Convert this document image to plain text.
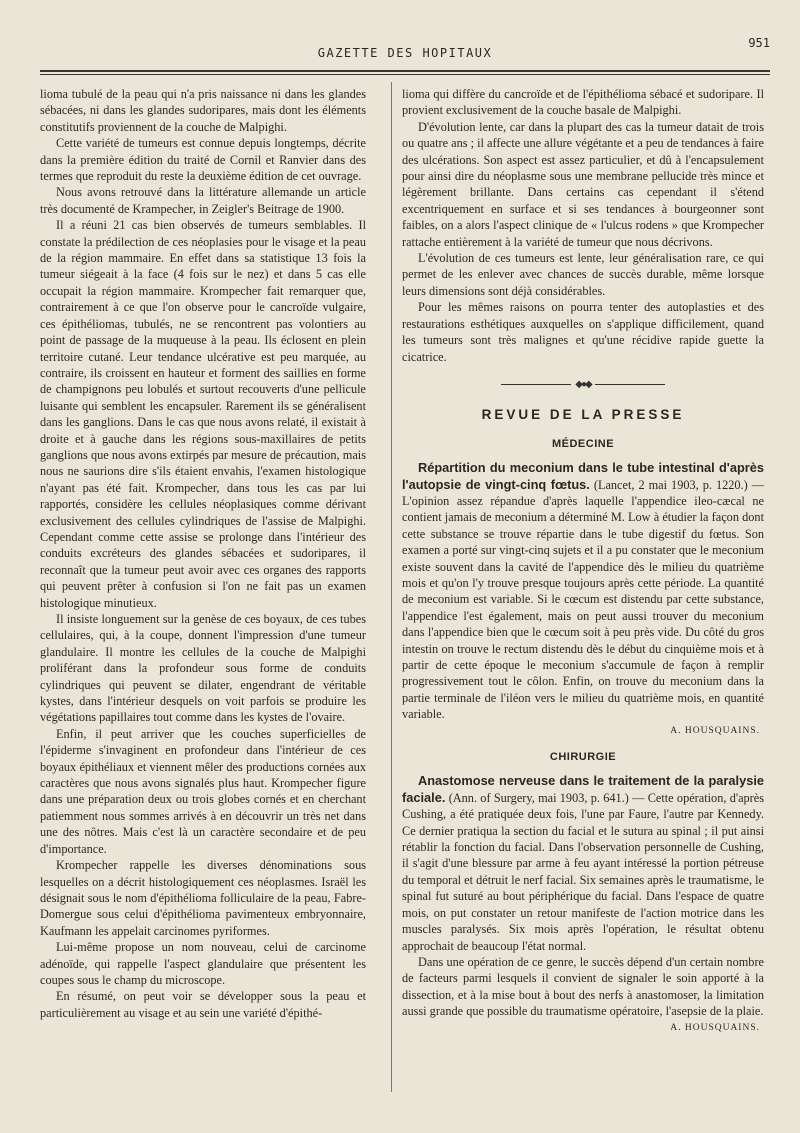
GAZETTE DES HOPITAUX
951

lioma tubulé de la peau qui n'a pris naissance ni dans les glandes sébacées, ni dans les glandes sudoripares, mais dont les éléments constitutifs proviennent de la couche de Malpighi.

Cette variété de tumeurs est connue depuis longtemps, décrite dans la première édition du traité de Cornil et Ranvier dans des termes que reproduit du reste la deuxième édition de cet ouvrage.

Nous avons retrouvé dans la littérature allemande un article très documenté de Krampecher, in Zeigler's Beitrage de 1900.

Il a réuni 21 cas bien observés de tumeurs semblables. Il constate la prédilection de ces néoplasies pour le visage et la peau de la région mammaire. En effet dans sa statistique 13 fois la tumeur siégeait à la face (4 fois sur le nez) et dans 5 cas elle occupait la région mammaire. Krompecher fait remarquer que, contrairement à ce que l'on observe pour le cancroïde vulgaire, ces épithéliomas, tubulés, ne se rencontrent pas volontiers au point de passage de la muqueuse à la peau. Ils éclosent en plein territoire cutané. Leur tendance ulcérative est peu marquée, au contraire, ils croissent en hauteur et forment des saillies en forme de champignons peu lobulés et surtout recouverts d'une pellicule luisante qui semblent les encapsuler. Rarement ils se généralisent dans les ganglions. Dans le cas que nous avons relaté, il existait à droite et à gauche dans les régions sous-maxillaires de petits ganglions que nous avons extirpés par mesure de précaution, mais nous ne saurions dire s'ils étaient envahis, l'examen histologique n'ayant pas été fait. Krompecher, dans tous les cas par lui rapportés, considère les cellules néoplasiques comme dérivant exclusivement des cellules cylindriques de l'assise de Malpighi. Cependant comme cette assise se prolonge dans l'intérieur des conduits excréteurs des glandes sébacées et sudoripares, il reconnaît que la tumeur peut avoir avec ces organes des rapports qui peuvent prêter à confusion si l'on ne fait pas un examen histologique minutieux.

Il insiste longuement sur la genèse de ces boyaux, de ces tubes cellulaires, qui, à la coupe, donnent l'impression d'une tumeur glandulaire. Il montre les cellules de la couche de Malpighi proliférant dans la profondeur sous forme de conduits cylindriques qui peuvent se dilater, engendrant de véritable kystes, dans l'intérieur desquels on voit parfois se produire les végétations papillaires tout comme dans les kystes de l'ovaire.

Enfin, il peut arriver que les couches superficielles de l'épiderme s'invaginent en profondeur dans l'intérieur de ces boyaux épithéliaux et viennent mêler des productions cornées aux caractères que nous avons signalés plus haut. Krompecher figure dans une préparation deux ou trois globes cornés et en cherchant patiemment nous sommes arrivés à en découvrir un très net dans une des nôtres. Mais c'est là un caractère secondaire et de peu d'importance.

Krompecher rappelle les diverses dénominations sous lesquelles on a décrit histologiquement ces néoplasmes. Israël les désignait sous le nom d'épithélioma folliculaire de la peau, Fabre-Domergue sous celui d'épithélioma pavimenteux embryonnaire, Kaufmann les appelait carcinomes pyriformes.

Lui-même propose un nom nouveau, celui de carcinome adénoïde, qui rappelle l'aspect glandulaire que présentent les coupes sous le champ du microscope.

En résumé, on peut voir se développer sous la peau et particulièrement au visage et au sein une variété d'épithé-

lioma qui diffère du cancroïde et de l'épithélioma sébacé et sudoripare. Il provient exclusivement de la couche basale de Malpighi.

D'évolution lente, car dans la plupart des cas la tumeur datait de trois ou quatre ans ; il affecte une allure végétante et a peu de tendances à faire des ulcérations. Son aspect est assez particulier, et dû à l'encapsulement pour ainsi dire du néoplasme sous une membrane pellucide très mince et légèrement brillante. Dans certains cas cependant il s'étend excentriquement en surface et si ses tendances à bourgeonner sont faibles, on a alors l'aspect clinique de « l'ulcus rodens » que Krompecher rattache entièrement à la variété de tumeur que nous décrivons.

L'évolution de ces tumeurs est lente, leur généralisation rare, ce qui permet de les enlever avec chances de succès durable, même lorsque leurs dimensions sont déjà considérables.

Pour les mêmes raisons on pourra tenter des autoplasties et des restaurations esthétiques auxquelles on s'applique difficilement, quand les tumeurs sont très malignes et qu'une récidive rapide guette la cicatrice.

◆●◆
REVUE DE LA PRESSE
MÉDECINE

Répartition du meconium dans le tube intestinal d'après l'autopsie de vingt-cinq fœtus. (Lancet, 2 mai 1903, p. 1220.) — L'opinion assez répandue d'après laquelle l'appendice ileo-cæcal ne contient jamais de meconium a déterminé M. Low à étudier la façon dont cette substance se trouve répartie dans le tube digestif du fœtus. Son examen a porté sur vingt-cinq sujets et il a pu constater que le meconium existe souvent dans la cavité de l'appendice dès le milieu du quatrième mois et qu'on l'y trouve presque toujours après cette période. La quantité de meconium est variable. Si le cœcum est distendu par cette substance, l'appendice l'est également, mais on peut aussi trouver du meconium dans l'appendice bien que le cœcum soit à peu près vide. Du côté du gros intestin on trouve le rectum distendu dès le début du cinquième mois et à partir de cette époque le meconium s'accumule de façon à remplir progressivement tout le côlon. Enfin, on trouve du meconium dans la partie terminale de l'iléon vers le milieu du quatrième mois, en quantité variable.

A. HOUSQUAINS.

CHIRURGIE

Anastomose nerveuse dans le traitement de la paralysie faciale. (Ann. of Surgery, mai 1903, p. 641.) — Cette opération, d'après Cushing, a été pratiquée deux fois, l'une par Faure, l'autre par Kennedy. Ce dernier pratiqua la section du facial et le sutura au spinal ; il put ainsi rétablir la fonction du facial. Dans l'observation personnelle de Cushing, il s'agit d'une blessure par arme à feu ayant intéressé la portion pétreuse du temporal et détruit le nerf facial. Six semaines après le traumatisme, le spinal fut suturé au bout périphérique du facial. Dans l'espace de quatre mois, on put constater un retour manifeste de l'action motrice dans les muscles paralysés. Six mois après l'opération, le résultat obtenu approchait de beaucoup l'état normal.

Dans une opération de ce genre, le succès dépend d'un certain nombre de facteurs parmi lesquels il convient de signaler le soin apporté à la dissection, et à la mise bout à bout des nerfs à anastomoser, la limitation aussi grande que possible du traumatisme opératoire, l'asepsie de la plaie.

A. HOUSQUAINS.
